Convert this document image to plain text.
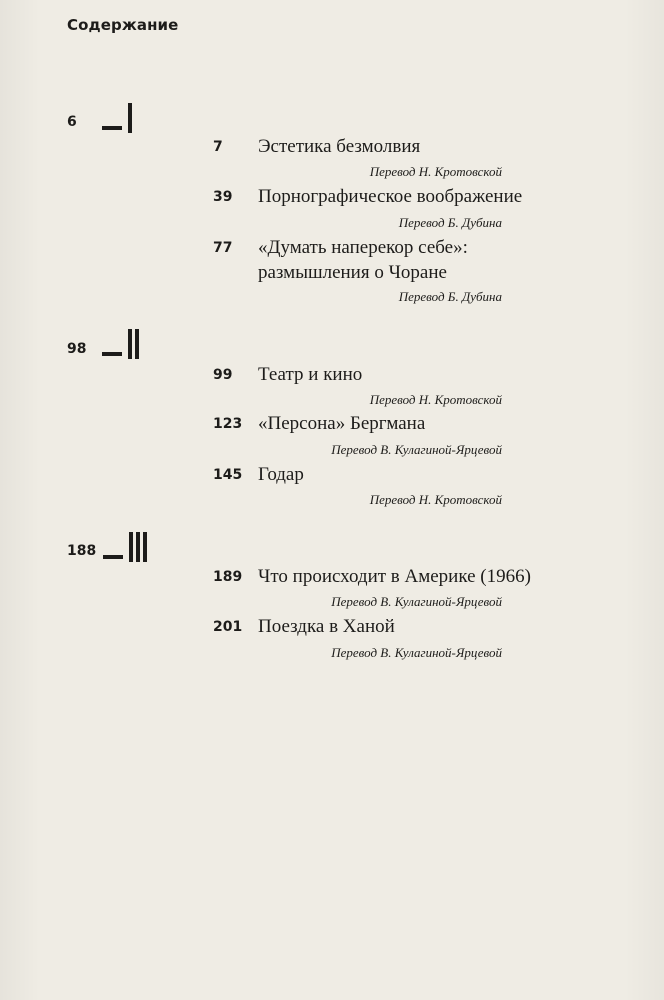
Содержание
6
7 Эстетика безмолвия
Перевод Н. Кротовской
39 Порнографическое воображение
Перевод Б. Дубина
77 «Думать наперекор себе»:
размышления о Чоране
Перевод Б. Дубина
98
99 Театр и кино
Перевод Н. Кротовской
123 «Персона» Бергмана
Перевод В. Кулагиной-Ярцевой
145 Годар
Перевод Н. Кротовской
188
189 Что происходит в Америке (1966)
Перевод В. Кулагиной-Ярцевой
201 Поездка в Ханой
Перевод В. Кулагиной-Ярцевой
